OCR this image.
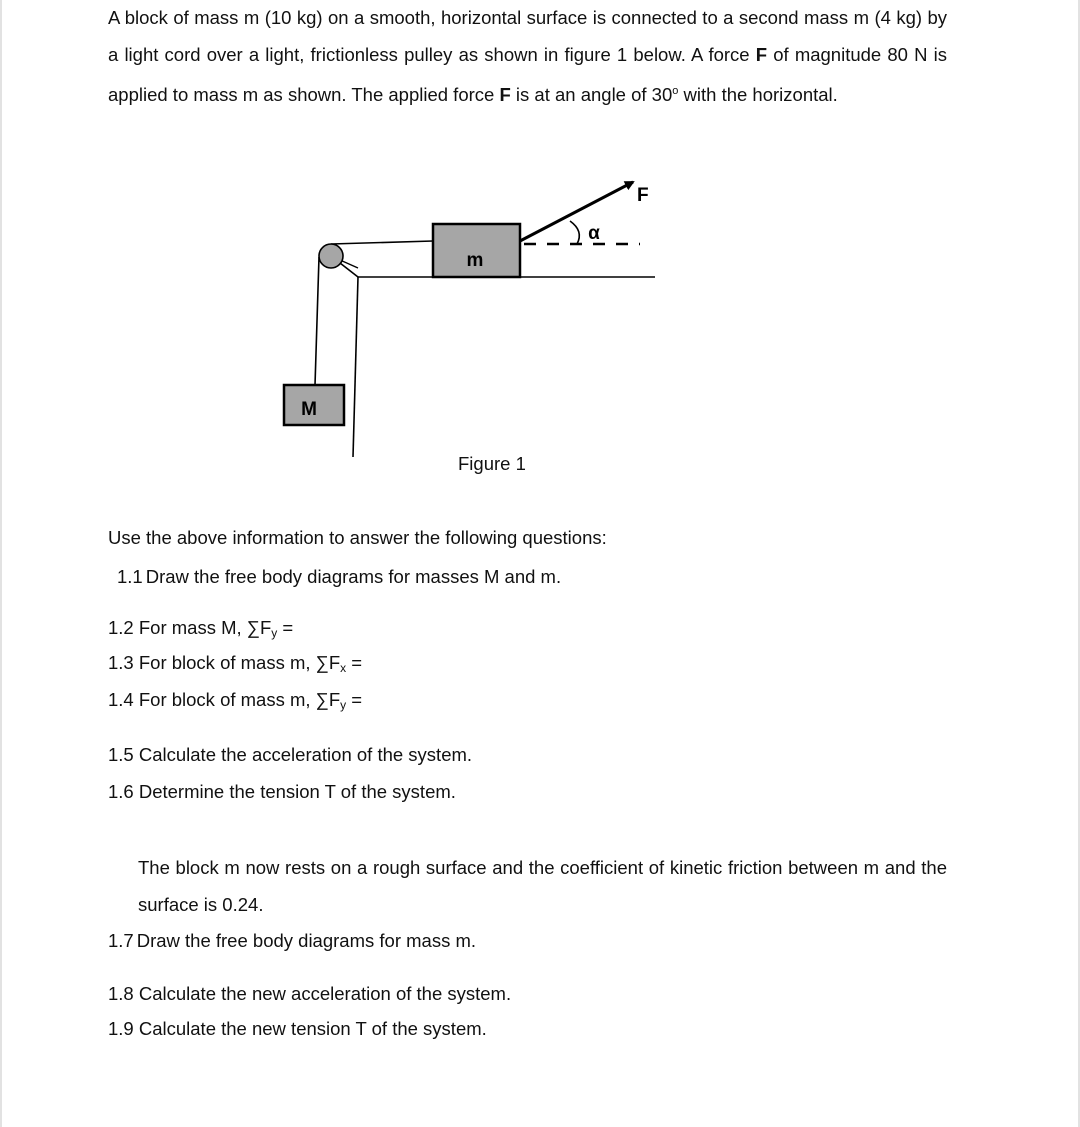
A block of mass m (10 kg) on a smooth, horizontal surface is connected to a second mass m (4 kg) by a light cord over a light, frictionless pulley as shown in figure 1 below. A force F of magnitude 80 N is applied to mass m as shown. The applied force F is at an angle of 30$^o$ with the horizontal.

m
M
α
F
Figure 1
Use the above information to answer the following questions:
1.1 Draw the free body diagrams for masses M and m.
1.2 For mass M, $\sum F_y$ =
1.3 For block of mass m, $\sum F_x$ =
1.4 For block of mass m, $\sum F_y$ =
1.5 Calculate the acceleration of the system.
1.6 Determine the tension T of the system.

The block m now rests on a rough surface and the coefficient of kinetic friction between m and the surface is 0.24.

1.7 Draw the free body diagrams for mass m.
1.8 Calculate the new acceleration of the system.
1.9 Calculate the new tension T of the system.
